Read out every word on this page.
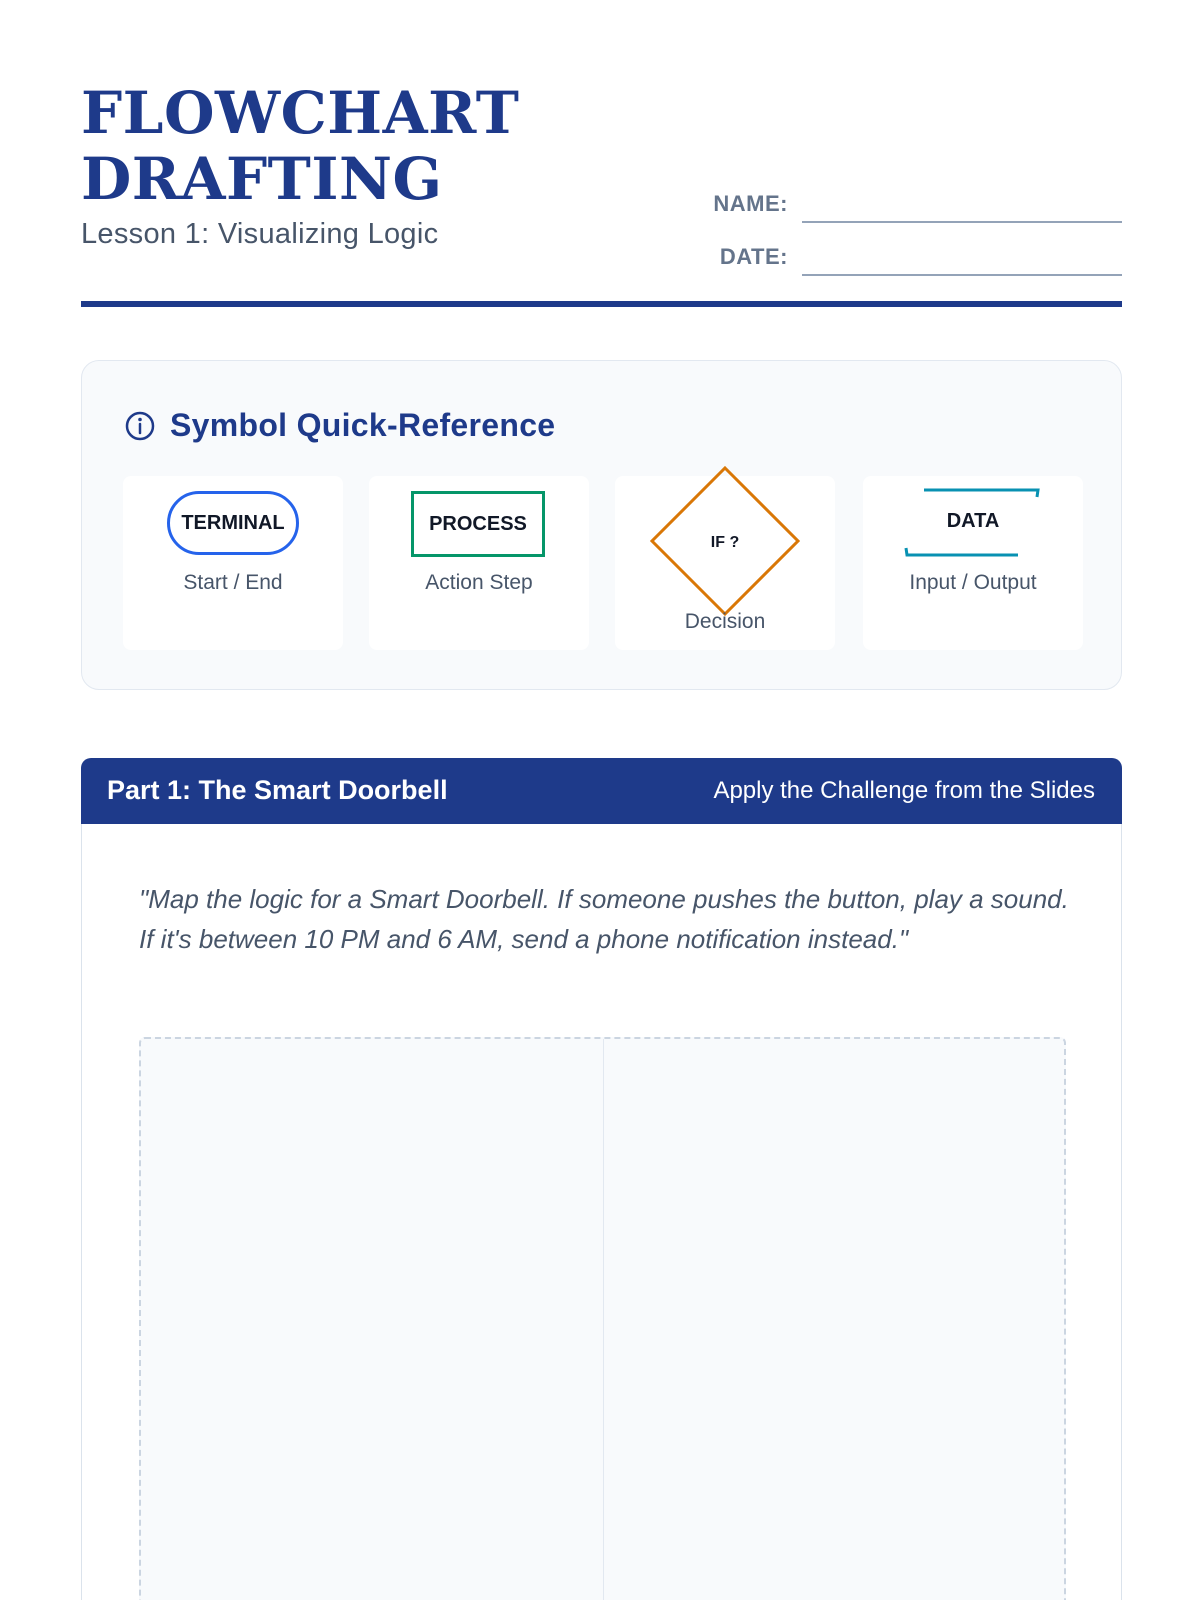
FLOWCHART
DRAFTING
Lesson 1: Visualizing Logic
NAME:
DATE:
Symbol Quick-Reference
TERMINAL
Start / End
PROCESS
Action Step
IF ?
Decision
DATA
Input / Output
Part 1: The Smart Doorbell	Apply the Challenge from the Slides
"Map the logic for a Smart Doorbell. If someone pushes the button, play a sound. If it's between 10 PM and 6 AM, send a phone notification instead."
